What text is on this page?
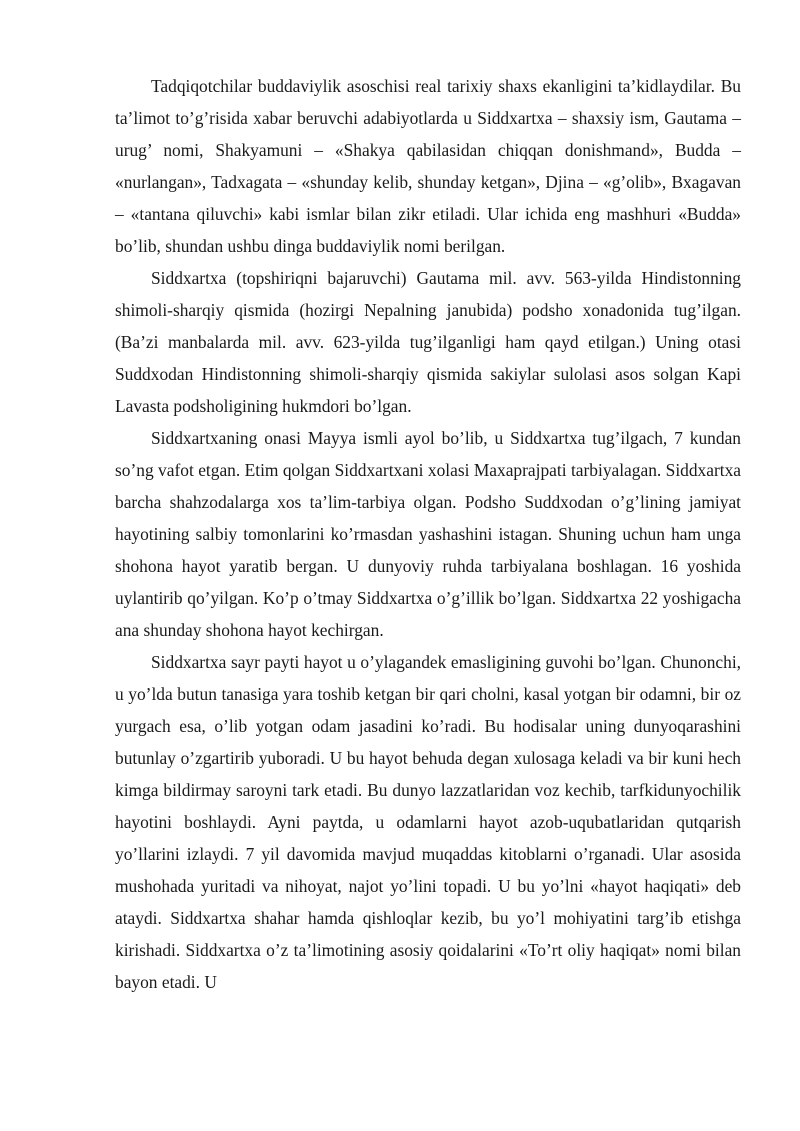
Tadqiqotchilar buddaviylik asoschisi real tarixiy shaxs ekanligini ta’kidlaydilar. Bu ta’limot to’g’risida xabar beruvchi adabiyotlarda u Siddxartxa – shaxsiy ism, Gautama – urug’ nomi, Shakyamuni – «Shakya qabilasidan chiqqan donishmand», Budda – «nurlangan», Tadxagata – «shunday kelib, shunday ketgan», Djina – «g’olib», Bxagavan – «tantana qiluvchi» kabi ismlar bilan zikr etiladi. Ular ichida eng mashhuri «Budda» bo’lib, shundan ushbu dinga buddaviylik nomi berilgan.

Siddxartxa (topshiriqni bajaruvchi) Gautama mil. avv. 563-yilda Hindistonning shimoli-sharqiy qismida (hozirgi Nepalning janubida) podsho xonadonida tug’ilgan. (Ba’zi manbalarda mil. avv. 623-yilda tug’ilganligi ham qayd etilgan.) Uning otasi Suddxodan Hindistonning shimoli-sharqiy qismida sakiylar sulolasi asos solgan Kapi Lavasta podsholigining hukmdori bo’lgan.

Siddxartxaning onasi Mayya ismli ayol bo’lib, u Siddxartxa tug’ilgach, 7 kundan so’ng vafot etgan. Etim qolgan Siddxartxani xolasi Maxaprajpati tarbiyalagan. Siddxartxa barcha shahzodalarga xos ta’lim-tarbiya olgan. Podsho Suddxodan o’g’lining jamiyat hayotining salbiy tomonlarini ko’rmasdan yashashini istagan. Shuning uchun ham unga shohona hayot yaratib bergan. U dunyoviy ruhda tarbiyalana boshlagan. 16 yoshida uylantirib qo’yilgan. Ko’p o’tmay Siddxartxa o’g’illik bo’lgan. Siddxartxa 22 yoshigacha ana shunday shohona hayot kechirgan.

Siddxartxa sayr payti hayot u o’ylagandek emasligining guvohi bo’lgan. Chunonchi, u yo’lda butun tanasiga yara toshib ketgan bir qari cholni, kasal yotgan bir odamni, bir oz yurgach esa, o’lib yotgan odam jasadini ko’radi. Bu hodisalar uning dunyoqarashini butunlay o’zgartirib yuboradi. U bu hayot behuda degan xulosaga keladi va bir kuni hech kimga bildirmay saroyni tark etadi. Bu dunyo lazzatlaridan voz kechib, tarfkidunyochilik hayotini boshlaydi. Ayni paytda, u odamlarni hayot azob-uqubatlaridan qutqarish yo’llarini izlaydi. 7 yil davomida mavjud muqaddas kitoblarni o’rganadi. Ular asosida mushohada yuritadi va nihoyat, najot yo’lini topadi. U bu yo’lni «hayot haqiqati» deb ataydi. Siddxartxa shahar hamda qishloqlar kezib, bu yo’l mohiyatini targ’ib etishga kirishadi. Siddxartxa o’z ta’limotining asosiy qoidalarini «To’rt oliy haqiqat» nomi bilan bayon etadi. U
